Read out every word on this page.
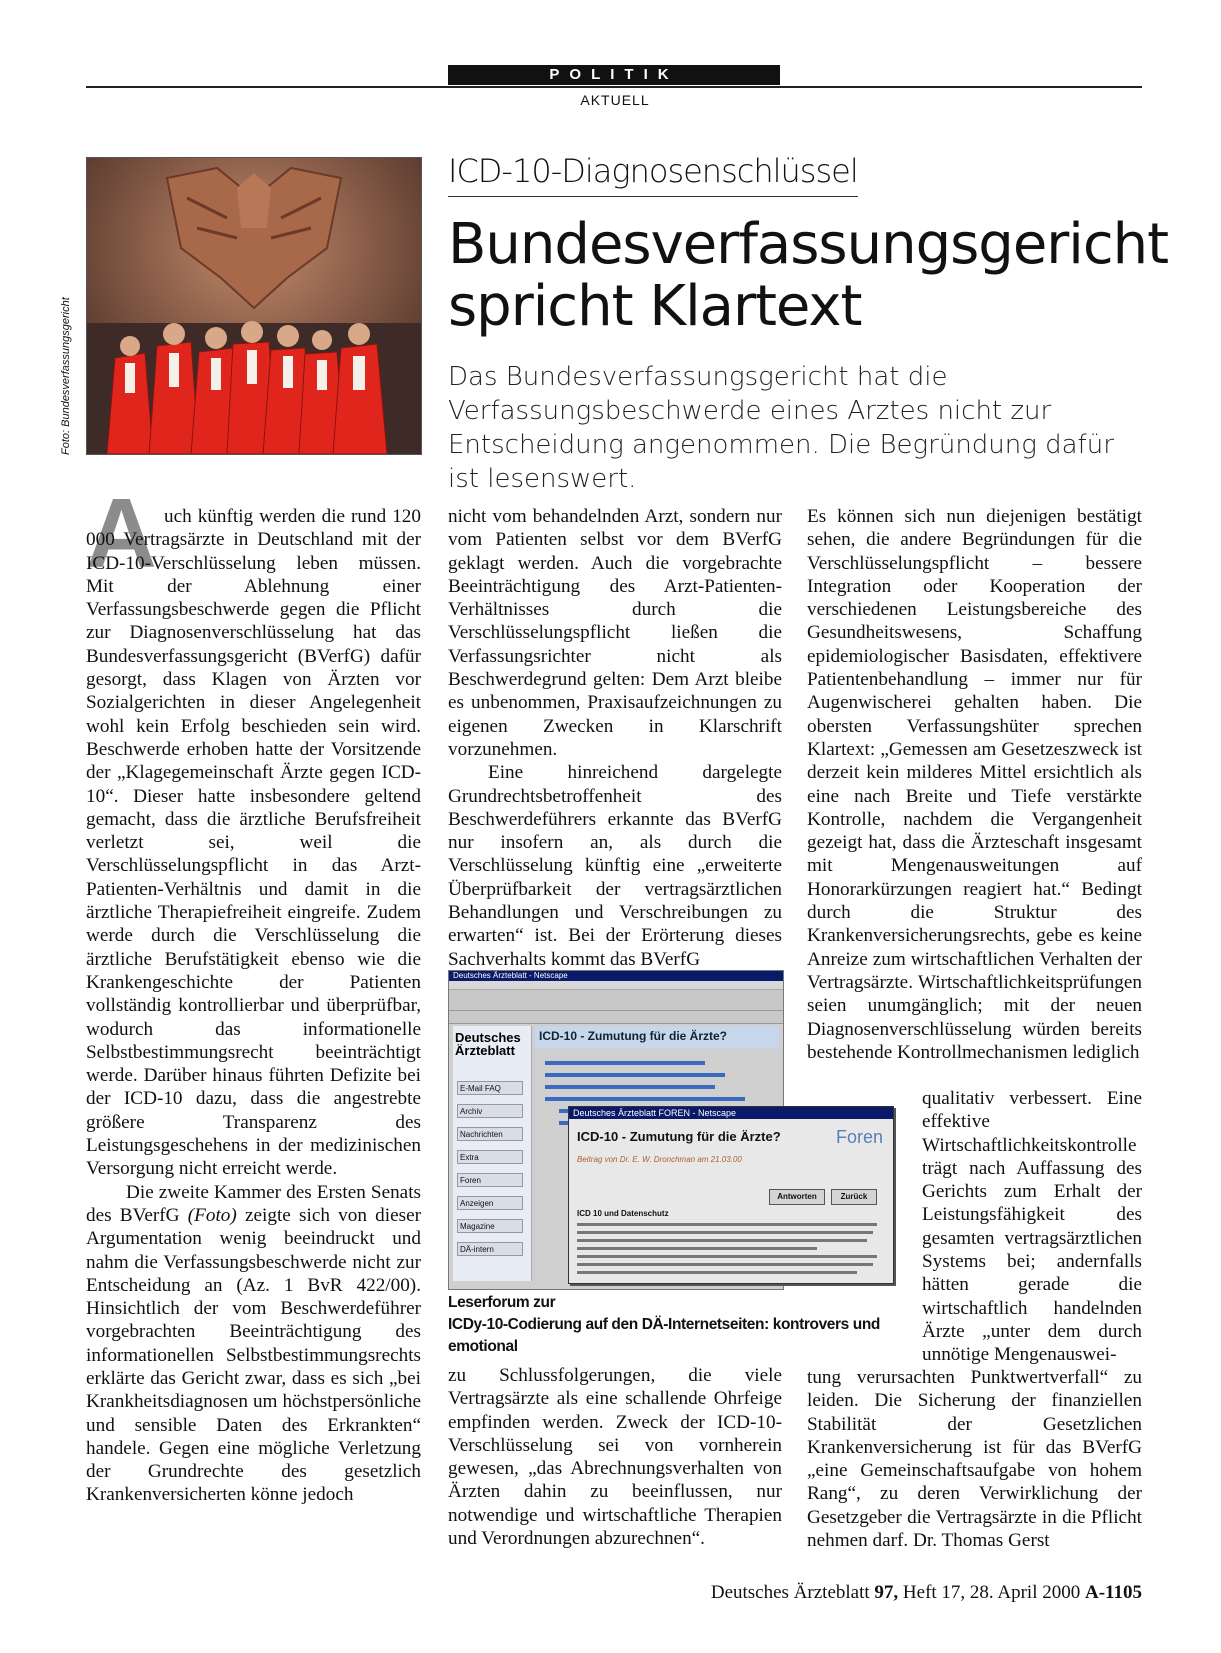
POLITIK
AKTUELL
Foto: Bundesverfassungsgericht
ICD-10-Diagnosenschlüssel
Bundesverfassungsgericht
spricht Klartext
Das Bundesverfassungsgericht hat die Verfassungsbeschwerde eines Arztes nicht zur Entscheidung angenommen. Die Begründung dafür ist lesenswert.
A uch künftig werden die rund 120 000 Vertragsärzte in Deutschland mit der ICD-10-Verschlüsselung leben müssen. Mit der Ablehnung einer Verfassungsbeschwerde gegen die Pflicht zur Diagnosenverschlüsselung hat das Bundesverfassungsgericht (BVerfG) dafür gesorgt, dass Klagen von Ärzten vor Sozialgerichten in dieser Angelegenheit wohl kein Erfolg beschieden sein wird. Beschwerde erhoben hatte der Vorsitzende der „Klagegemeinschaft Ärzte gegen ICD-10“. Dieser hatte insbesondere geltend gemacht, dass die ärztliche Berufsfreiheit verletzt sei, weil die Verschlüsselungspflicht in das Arzt-Patienten-Verhältnis und damit in die ärztliche Therapiefreiheit eingreife. Zudem werde durch die Verschlüsselung die ärztliche Berufstätigkeit ebenso wie die Krankengeschichte der Patienten vollständig kontrollierbar und überprüfbar, wodurch das informationelle Selbstbestimmungsrecht beeinträchtigt werde. Darüber hinaus führten Defizite bei der ICD-10 dazu, dass die angestrebte größere Transparenz des Leistungsgeschehens in der medizinischen Versorgung nicht erreicht werde.

Die zweite Kammer des Ersten Senats des BVerfG (Foto) zeigte sich von dieser Argumentation wenig beeindruckt und nahm die Verfassungsbeschwerde nicht zur Entscheidung an (Az. 1 BvR 422/00). Hinsichtlich der vom Beschwerdeführer vorgebrachten Beeinträchtigung des informationellen Selbstbestimmungsrechts erklärte das Gericht zwar, dass es sich „bei Krankheitsdiagnosen um höchstpersönliche und sensible Daten des Erkrankten“ handele. Gegen eine mögliche Verletzung der Grundrechte des gesetzlich Krankenversicherten könne jedoch

nicht vom behandelnden Arzt, sondern nur vom Patienten selbst vor dem BVerfG geklagt werden. Auch die vorgebrachte Beeinträchtigung des Arzt-Patienten-Verhältnisses durch die Verschlüsselungspflicht ließen die Verfassungsrichter nicht als Beschwerdegrund gelten: Dem Arzt bleibe es unbenommen, Praxisaufzeichnungen zu eigenen Zwecken in Klarschrift vorzunehmen.

Eine hinreichend dargelegte Grundrechtsbetroffenheit des Beschwerdeführers erkannte das BVerfG nur insofern an, als durch die Verschlüsselung künftig eine „erweiterte Überprüfbarkeit der vertragsärztlichen Behandlungen und Verschreibungen zu erwarten“ ist. Bei der Erörterung dieses Sachverhalts kommt das BVerfG

Deutsches Ärzteblatt - Netscape
Deutsches Ärzteblatt
E-Mail FAQ
Archiv
Nachrichten
Extra
Foren
Anzeigen
Magazine
DÄ-intern
ICD-10 - Zumutung für die Ärzte?
Deutsches Ärzteblatt FOREN - Netscape
ICD-10 - Zumutung für die Ärzte?	Foren
Beitrag von Dr. E. W. Dronchman am 21.03.00
Antworten	Zurück
ICD 10 und Datenschutz
Leserforum zur
ICDy-10-Codierung auf den DÄ-Internetseiten: kontrovers und emotional

zu Schlussfolgerungen, die viele Vertragsärzte als eine schallende Ohrfeige empfinden werden. Zweck der ICD-10-Verschlüsselung sei von vornherein gewesen, „das Abrechnungsverhalten von Ärzten dahin zu beeinflussen, nur notwendige und wirtschaftliche Therapien und Verordnungen abzurechnen“.

Es können sich nun diejenigen bestätigt sehen, die andere Begründungen für die Verschlüsselungspflicht – bessere Integration oder Kooperation der verschiedenen Leistungsbereiche des Gesundheitswesens, Schaffung epidemiologischer Basisdaten, effektivere Patientenbehandlung – immer nur für Augenwischerei gehalten haben. Die obersten Verfassungshüter sprechen Klartext: „Gemessen am Gesetzeszweck ist derzeit kein milderes Mittel ersichtlich als eine nach Breite und Tiefe verstärkte Kontrolle, nachdem die Vergangenheit gezeigt hat, dass die Ärzteschaft insgesamt mit Mengenausweitungen auf Honorarkürzungen reagiert hat.“ Bedingt durch die Struktur des Krankenversicherungsrechts, gebe es keine Anreize zum wirtschaftlichen Verhalten der Vertragsärzte. Wirtschaftlichkeitsprüfungen seien unumgänglich; mit der neuen Diagnosenverschlüsselung würden bereits bestehende Kontrollmechanismen lediglich

qualitativ verbessert. Eine effektive Wirtschaftlichkeitskontrolle trägt nach Auffassung des Gerichts zum Erhalt der Leistungsfähigkeit des gesamten vertragsärztlichen Systems bei; andernfalls hätten gerade die wirtschaftlich handelnden Ärzte „unter dem durch unnötige Mengenauswei-

tung verursachten Punktwertverfall“ zu leiden. Die Sicherung der finanziellen Stabilität der Gesetzlichen Krankenversicherung ist für das BVerfG „eine Gemeinschaftsaufgabe von hohem Rang“, zu deren Verwirklichung der Gesetzgeber die Vertragsärzte in die Pflicht nehmen darf. Dr. Thomas Gerst

Deutsches Ärzteblatt 97, Heft 17, 28. April 2000 A-1105
